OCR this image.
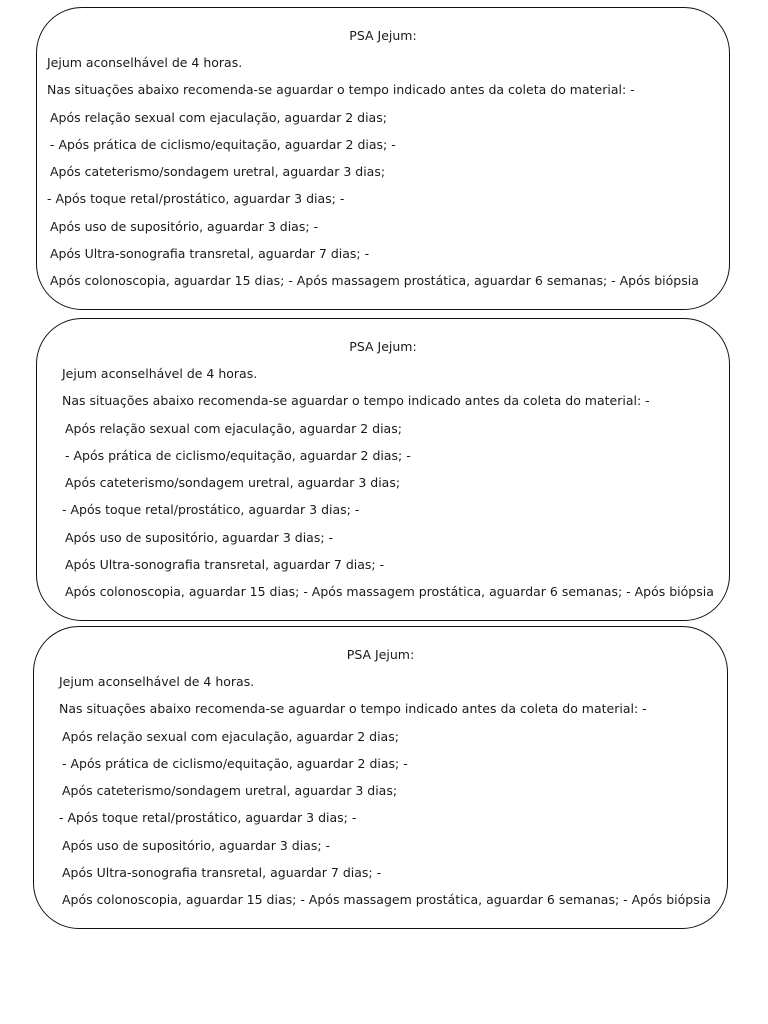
PSA Jejum:
Jejum aconselhável de 4 horas.
Nas situações abaixo recomenda-se aguardar o tempo indicado antes da coleta do material: -
Após relação sexual com ejaculação, aguardar 2 dias;
- Após prática de ciclismo/equitação, aguardar 2 dias; -
Após cateterismo/sondagem uretral, aguardar 3 dias;
- Após toque retal/prostático, aguardar 3 dias; -
Após uso de supositório, aguardar 3 dias; -
Após Ultra-sonografia transretal, aguardar 7 dias; -
Após colonoscopia, aguardar 15 dias; - Após massagem prostática, aguardar 6 semanas; - Após biópsia
PSA Jejum:
Jejum aconselhável de 4 horas.
Nas situações abaixo recomenda-se aguardar o tempo indicado antes da coleta do material: -
Após relação sexual com ejaculação, aguardar 2 dias;
- Após prática de ciclismo/equitação, aguardar 2 dias; -
Após cateterismo/sondagem uretral, aguardar 3 dias;
- Após toque retal/prostático, aguardar 3 dias; -
Após uso de supositório, aguardar 3 dias; -
Após Ultra-sonografia transretal, aguardar 7 dias; -
Após colonoscopia, aguardar 15 dias; - Após massagem prostática, aguardar 6 semanas; - Após biópsia
PSA Jejum:
Jejum aconselhável de 4 horas.
Nas situações abaixo recomenda-se aguardar o tempo indicado antes da coleta do material: -
Após relação sexual com ejaculação, aguardar 2 dias;
- Após prática de ciclismo/equitação, aguardar 2 dias; -
Após cateterismo/sondagem uretral, aguardar 3 dias;
- Após toque retal/prostático, aguardar 3 dias; -
Após uso de supositório, aguardar 3 dias; -
Após Ultra-sonografia transretal, aguardar 7 dias; -
Após colonoscopia, aguardar 15 dias; - Após massagem prostática, aguardar 6 semanas; - Após biópsia
